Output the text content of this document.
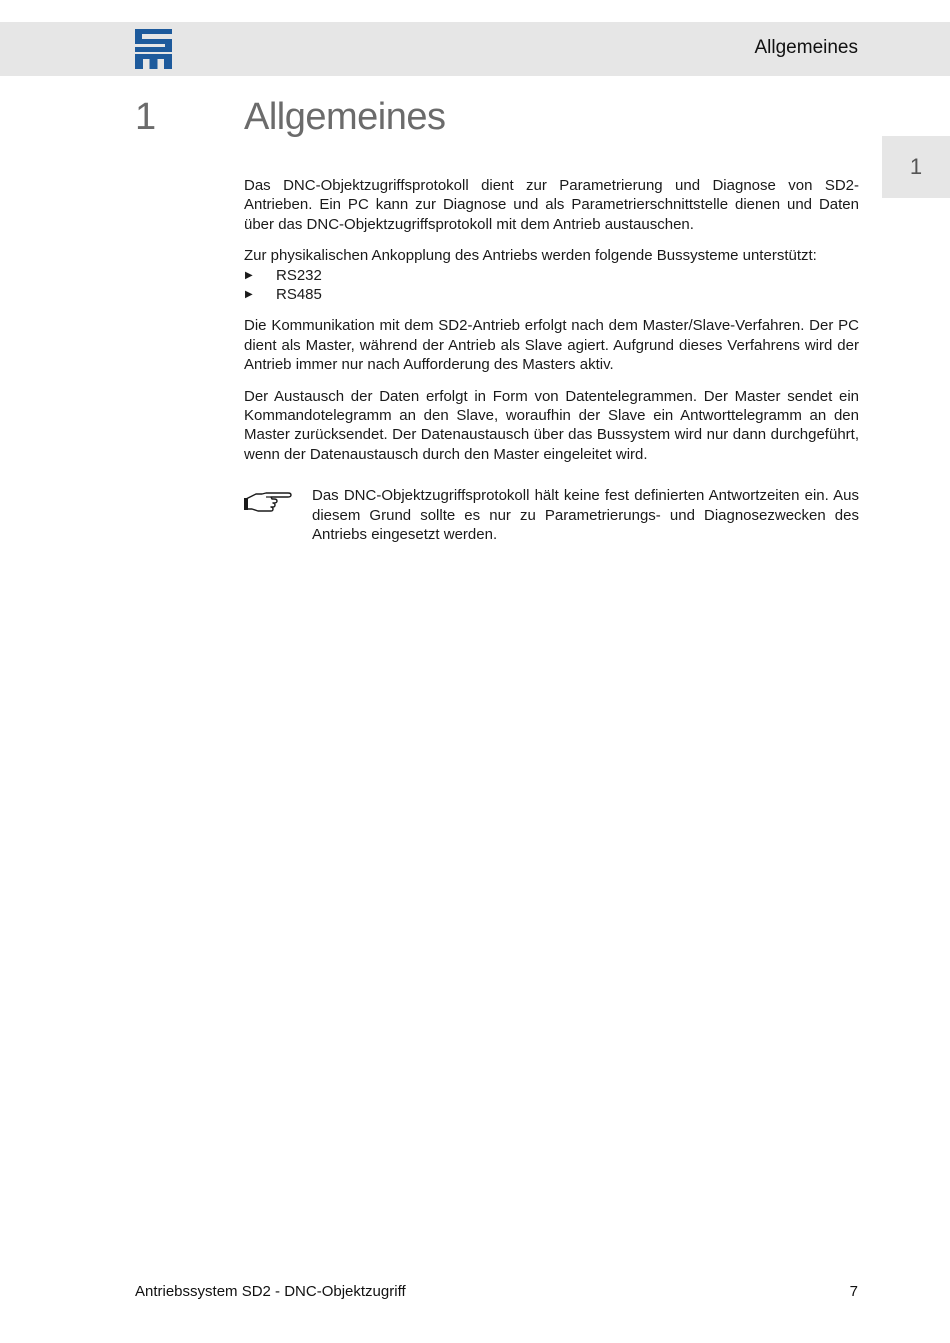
Allgemeines
1 Allgemeines
1

Das DNC-Objektzugriffsprotokoll dient zur Parametrierung und Diagnose von SD2-Antrieben. Ein PC kann zur Diagnose und als Parametrierschnittstelle dienen und Daten über das DNC-Objektzugriffsprotokoll mit dem Antrieb austauschen.

Zur physikalischen Ankopplung des Antriebs werden folgende Bussysteme unterstützt:

▶ RS232
▶ RS485

Die Kommunikation mit dem SD2-Antrieb erfolgt nach dem Master/Slave-Verfahren. Der PC dient als Master, während der Antrieb als Slave agiert. Aufgrund dieses Verfahrens wird der Antrieb immer nur nach Aufforderung des Masters aktiv.

Der Austausch der Daten erfolgt in Form von Datentelegrammen. Der Master sendet ein Kommandotelegramm an den Slave, woraufhin der Slave ein Antworttelegramm an den Master zurücksendet. Der Datenaustausch über das Bussystem wird nur dann durchgeführt, wenn der Datenaustausch durch den Master eingeleitet wird.

Das DNC-Objektzugriffsprotokoll hält keine fest definierten Antwortzeiten ein. Aus diesem Grund sollte es nur zu Parametrierungs- und Diagnosezwecken des Antriebs eingesetzt werden.

Antriebssystem SD2 - DNC-Objektzugriff	7
